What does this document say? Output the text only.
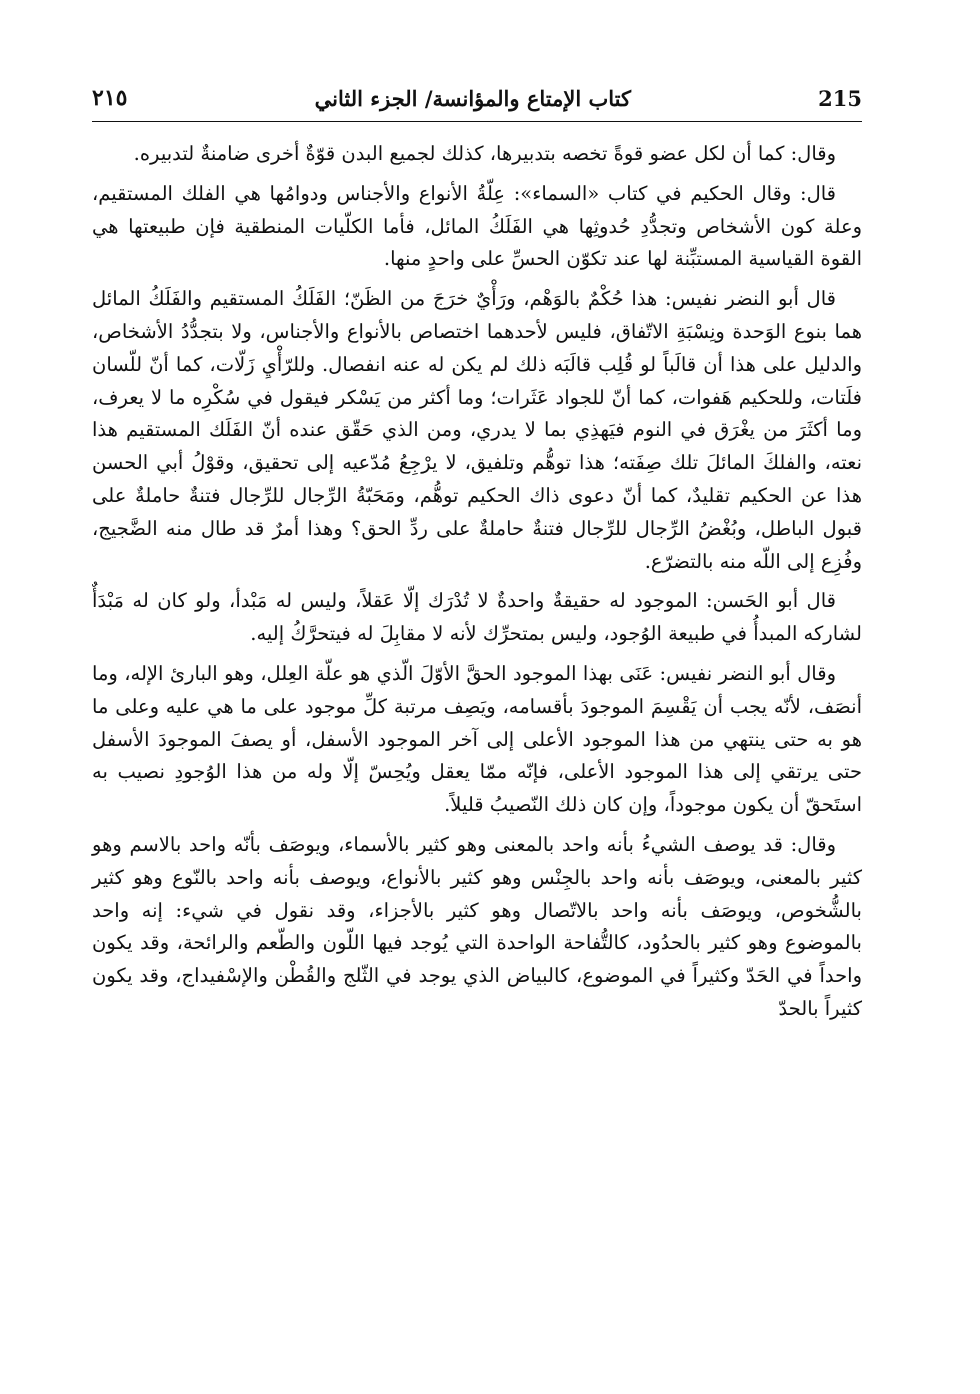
215
كتاب الإمتاع والمؤانسة/ الجزء الثاني
٢١٥

وقال: كما أن لكل عضو قوةً تخصه بتدبيرها، كذلك لجميع البدن قوّةٌ أخرى ضامنةٌ لتدبيره.

قال: وقال الحكيم في كتاب «السماء»: عِلّةُ الأنواع والأجناس ودوامُها هي الفلك المستقيم، وعلة كون الأشخاص وتجدُّدِ حُدوثِها هي الفَلَكُ المائل، فأما الكلّيات المنطقية فإن طبيعتها هي القوة القياسية المستبِّنة لها عند تكوّن الحسِّ على واحدٍ منها.

قال أبو النضر نفيس: هذا حُكْمٌ بالوَهْم، ورَأْيٌ خرَجَ من الظَنّ؛ الفَلَكُ المستقيم والفَلَكُ المائل هما بنوع الوَحدة ونِسْبَةِ الاتّفاق، فليس لأحدهما اختصاص بالأنواع والأجناس، ولا بتجدُّدُ الأشخاص، والدليل على هذا أن قالَباً لو قُلِب قالَبَه ذلك لم يكن له عنه انفصال. وللرّأْيِ زَلّات، كما أنّ للّسان فلَتات، وللحكيم هَفوات، كما أنّ للجواد عَثَرات؛ وما أكثر من يَسْكر فيقول في سُكْرِه ما لا يعرف، وما أكثَرَ من يغْرَق في النوم فيَهذِي بما لا يدري، ومن الذي حَقّق عنده أنّ الفَلَك المستقيم هذا نعته، والفلكَ المائلَ تلك صِفَته؛ هذا توهُّم وتلفيق، لا يرْجِعُ مُدّعيه إلى تحقيق، وقوْلُ أبي الحسن هذا عن الحكيم تقليدٌ، كما أنّ دعوى ذاك الحكيم توهُّم، ومَحَبّةُ الرِّجال للرِّجال فتنةٌ حاملةٌ على قبول الباطل، وبُغْضُ الرِّجال للرِّجال فتنةٌ حاملةٌ على ردِّ الحق؟ وهذا أمرٌ قد طال منه الضَّجيج، وفُزِع إلى اللّه منه بالتضرّع.

قال أبو الحَسن: الموجود له حقيقةٌ واحدةٌ لا تُدْرَك إلّا عَقلاً، وليس له مَبْدأ، ولو كان له مَبْدَأٌ لشاركه المبدأُ في طبيعة الوُجود، وليس بمتحرِّك لأنه لا مقابِلَ له فيتحرَّكُ إليه.

وقال أبو النضر نفيس: عَنَى بهذا الموجود الحقَّ الأوّلَ الّذي هو علّة العِلل، وهو البارئ الإله، وما أنصَف، لأنّه يجب أن يَقْسِمَ الموجودَ بأقسامه، ويَصِف مرتبة كلِّ موجود على ما هي عليه وعلى ما هو به حتى ينتهي من هذا الموجود الأعلى إلى آخر الموجود الأسفل، أو يصفَ الموجودَ الأسفل حتى يرتقي إلى هذا الموجود الأعلى، فإنّه ممّا يعقل ويُحِسّ إلّا وله من هذا الوُجودِ نصيب به استَحقّ أن يكون موجوداً، وإن كان ذلك النّصيبُ قليلاً.

وقال: قد يوصف الشيءُ بأنه واحد بالمعنى وهو كثير بالأسماء، ويوصَف بأنّه واحد بالاسم وهو كثير بالمعنى، ويوصَف بأنه واحد بالجِنْس وهو كثير بالأنواع، ويوصف بأنه واحد بالنّوع وهو كثير بالشُّخوص، ويوصَف بأنه واحد بالاتّصال وهو كثير بالأجزاء، وقد نقول في شيء: إنه واحد بالموضوع وهو كثير بالحدُود، كالتُّفاحة الواحدة التي يُوجد فيها اللّون والطّعم والرائحة، وقد يكون واحداً في الحَدّ وكثيراً في الموضوع، كالبياض الذي يوجد في الثّلج والقُطْن والإسْفيداج، وقد يكون كثيراً بالحدّ
